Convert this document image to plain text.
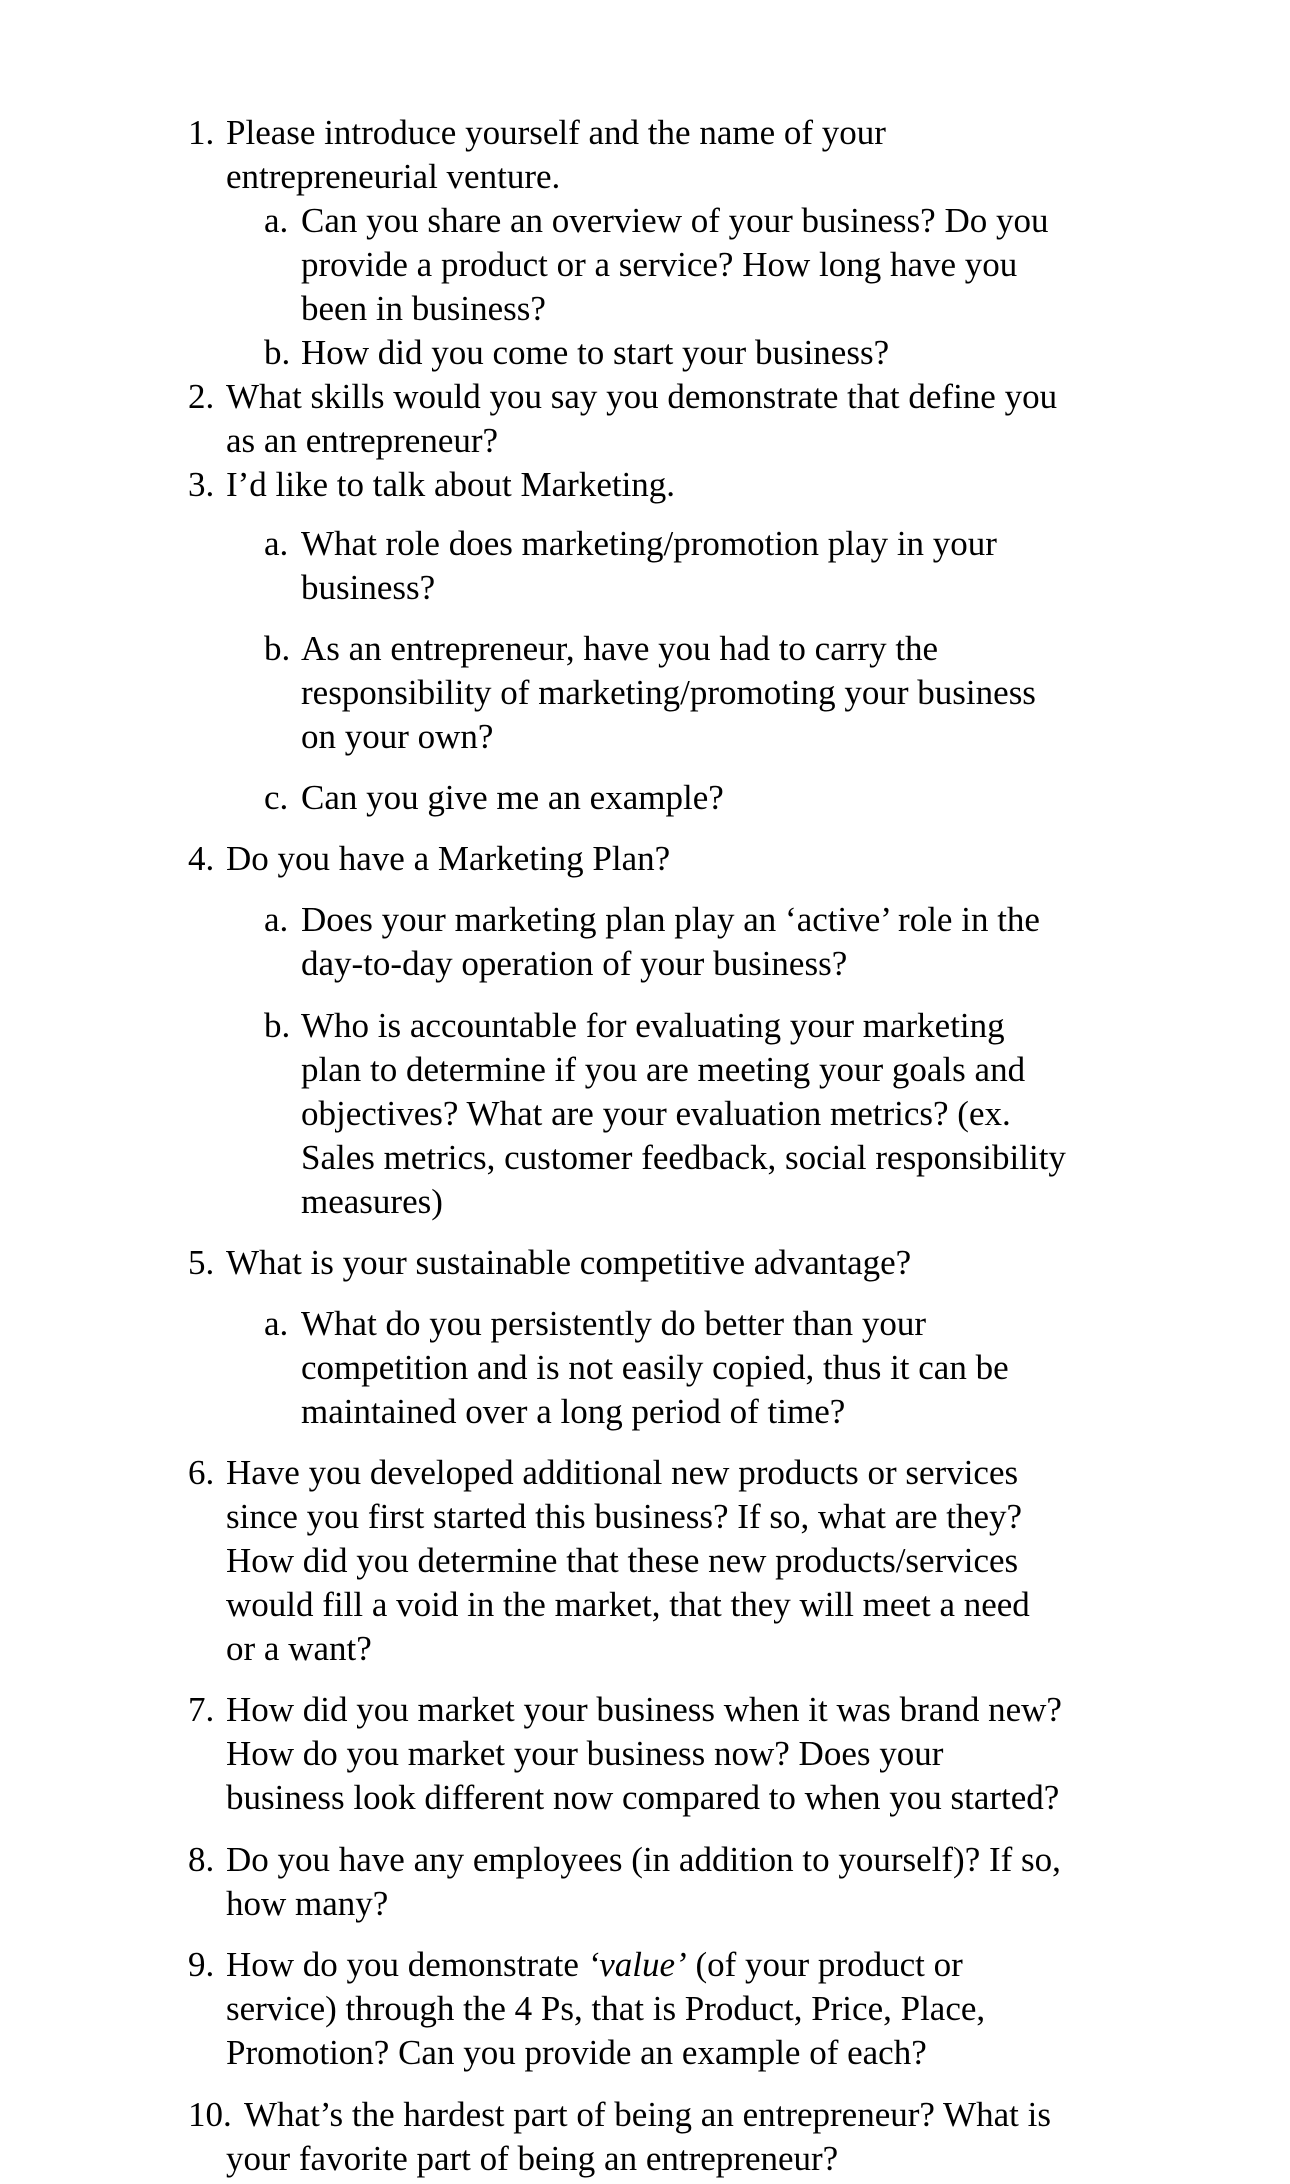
1. Please introduce yourself and the name of your
entrepreneurial venture.
a. Can you share an overview of your business? Do you
provide a product or a service? How long have you
been in business?
b. How did you come to start your business?
2. What skills would you say you demonstrate that define you
as an entrepreneur?
3. I’d like to talk about Marketing.
a. What role does marketing/promotion play in your
business?
b. As an entrepreneur, have you had to carry the
responsibility of marketing/promoting your business
on your own?
c. Can you give me an example?
4. Do you have a Marketing Plan?
a. Does your marketing plan play an ‘active’ role in the
day-to-day operation of your business?
b. Who is accountable for evaluating your marketing
plan to determine if you are meeting your goals and
objectives? What are your evaluation metrics? (ex.
Sales metrics, customer feedback, social responsibility
measures)
5. What is your sustainable competitive advantage?
a. What do you persistently do better than your
competition and is not easily copied, thus it can be
maintained over a long period of time?
6. Have you developed additional new products or services
since you first started this business? If so, what are they?
How did you determine that these new products/services
would fill a void in the market, that they will meet a need
or a want?
7. How did you market your business when it was brand new?
How do you market your business now? Does your
business look different now compared to when you started?
8. Do you have any employees (in addition to yourself)? If so,
how many?
9. How do you demonstrate ‘value’ (of your product or
service) through the 4 Ps, that is Product, Price, Place,
Promotion? Can you provide an example of each?
10. What’s the hardest part of being an entrepreneur? What is
your favorite part of being an entrepreneur?
